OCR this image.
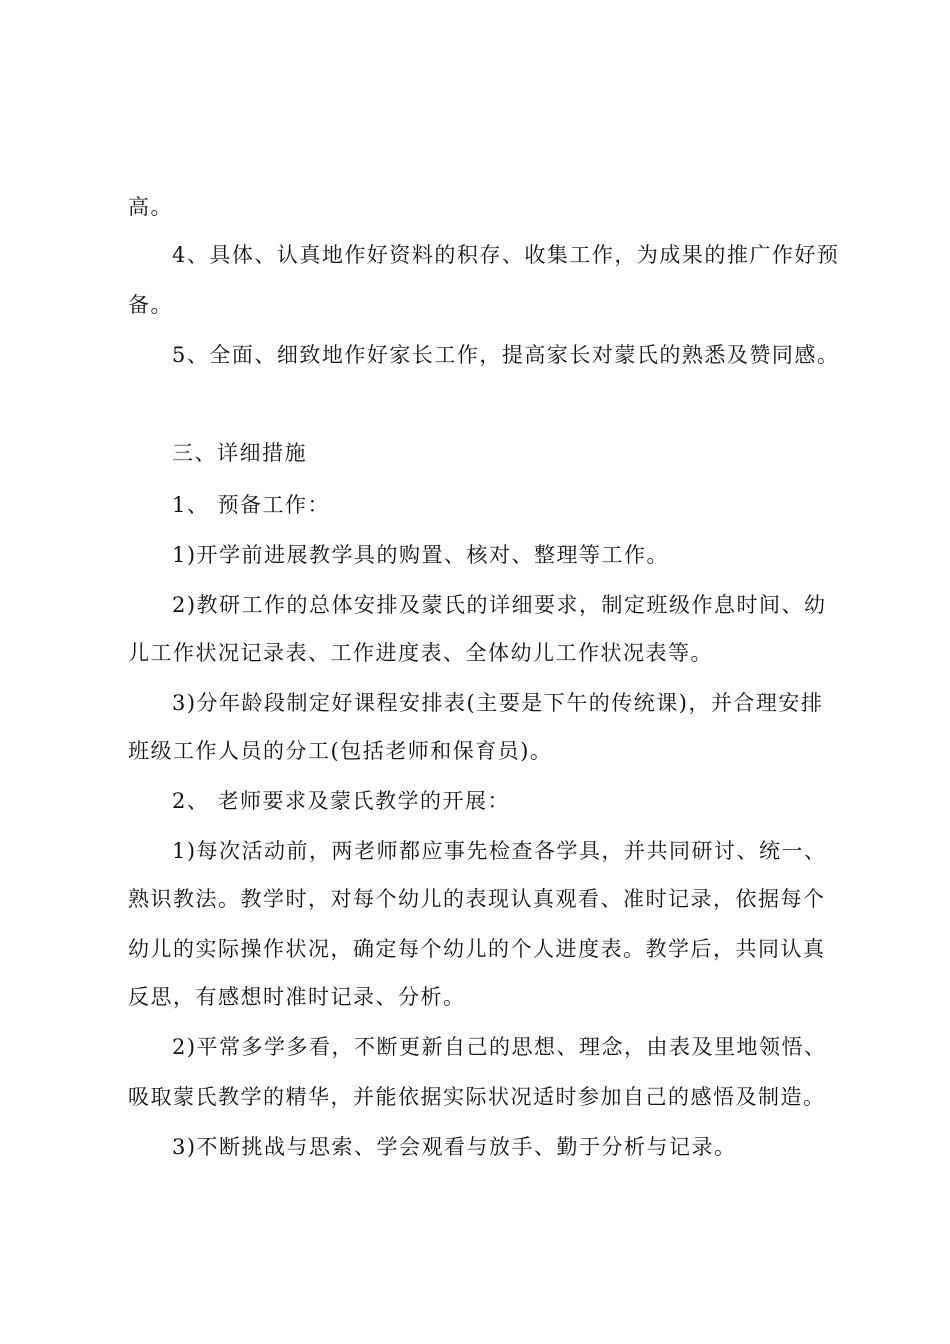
高。
4、具体、认真地作好资料的积存、收集工作，为成果的推广作好预
备。
5、全面、细致地作好家长工作，提高家长对蒙氏的熟悉及赞同感。
三、详细措施
1、 预备工作：
1)开学前进展教学具的购置、核对、整理等工作。
2)教研工作的总体安排及蒙氏的详细要求，制定班级作息时间、幼
儿工作状况记录表、工作进度表、全体幼儿工作状况表等。
3)分年龄段制定好课程安排表(主要是下午的传统课)，并合理安排
班级工作人员的分工(包括老师和保育员)。
2、 老师要求及蒙氏教学的开展：
1)每次活动前，两老师都应事先检查各学具，并共同研讨、统一、
熟识教法。教学时，对每个幼儿的表现认真观看、准时记录，依据每个
幼儿的实际操作状况，确定每个幼儿的个人进度表。教学后，共同认真
反思，有感想时准时记录、分析。
2)平常多学多看，不断更新自己的思想、理念，由表及里地领悟、
吸取蒙氏教学的精华，并能依据实际状况适时参加自己的感悟及制造。
3)不断挑战与思索、学会观看与放手、勤于分析与记录。
